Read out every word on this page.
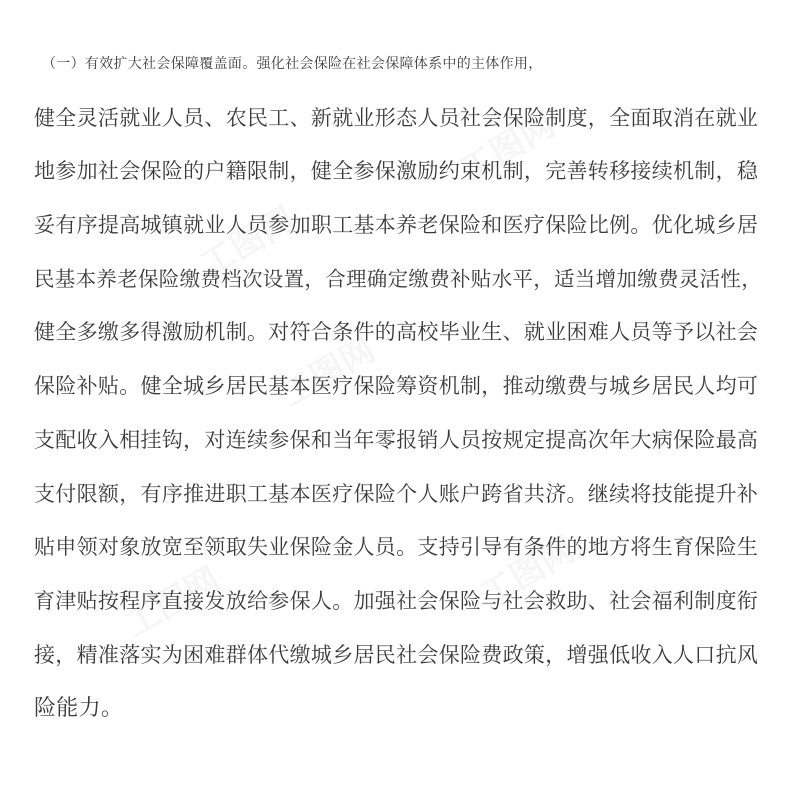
工图网
工图网
工图网
工图网
工图网
（一）有效扩大社会保障覆盖面。强化社会保险在社会保障体系中的主体作用，
健全灵活就业人员、农民工、新就业形态人员社会保险制度，全面取消在就业
地参加社会保险的户籍限制，健全参保激励约束机制，完善转移接续机制，稳
妥有序提高城镇就业人员参加职工基本养老保险和医疗保险比例。优化城乡居
民基本养老保险缴费档次设置，合理确定缴费补贴水平，适当增加缴费灵活性，
健全多缴多得激励机制。对符合条件的高校毕业生、就业困难人员等予以社会
保险补贴。健全城乡居民基本医疗保险筹资机制，推动缴费与城乡居民人均可
支配收入相挂钩，对连续参保和当年零报销人员按规定提高次年大病保险最高
支付限额，有序推进职工基本医疗保险个人账户跨省共济。继续将技能提升补
贴申领对象放宽至领取失业保险金人员。支持引导有条件的地方将生育保险生
育津贴按程序直接发放给参保人。加强社会保险与社会救助、社会福利制度衔
接，精准落实为困难群体代缴城乡居民社会保险费政策，增强低收入人口抗风
险能力。
